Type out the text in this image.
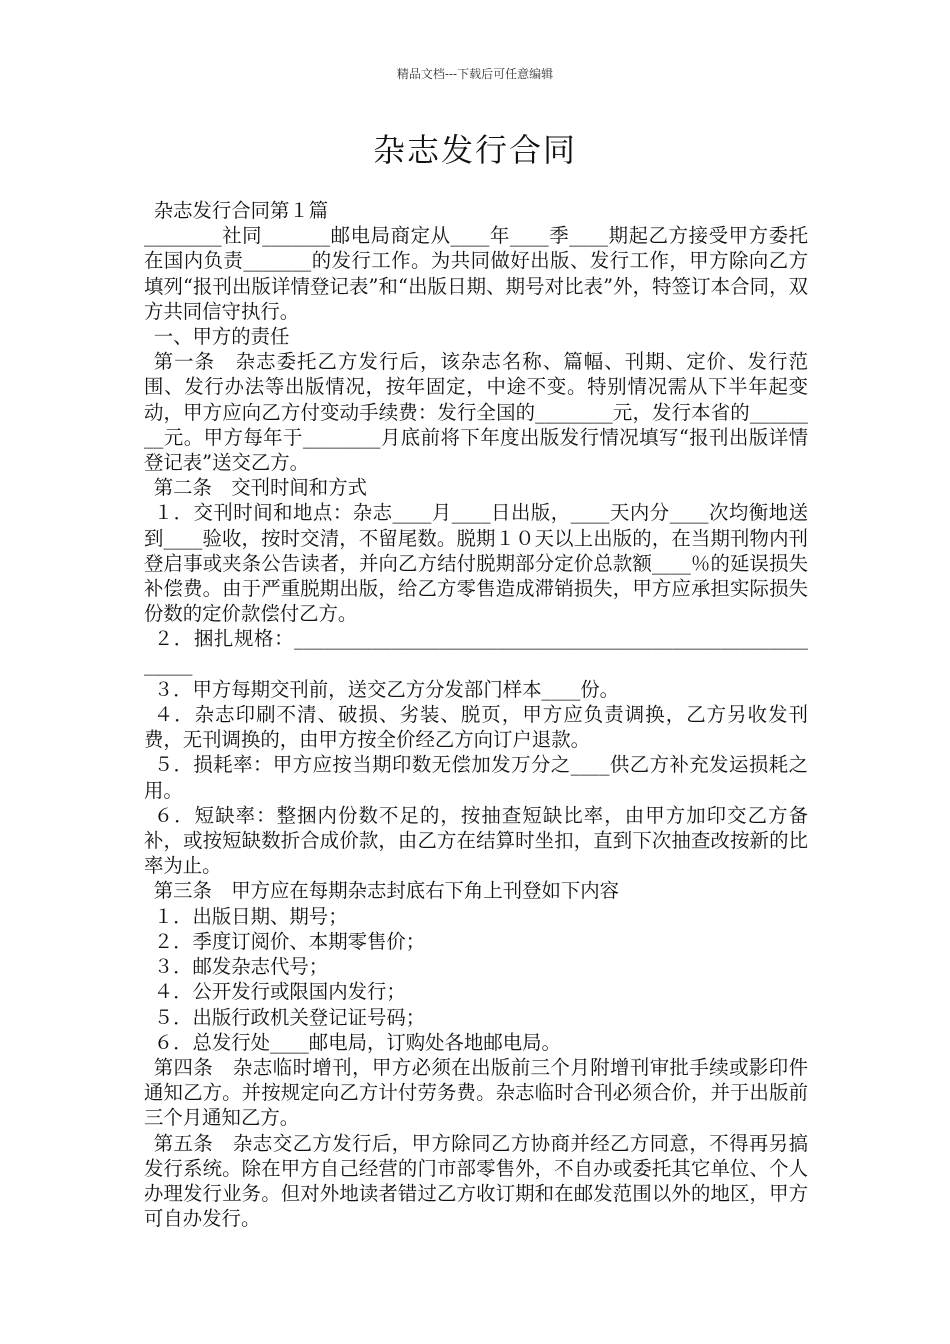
精品文档---下载后可任意编辑
杂志发行合同

杂志发行合同第１篇

________社同_______邮电局商定从____年____季____期起乙方接受甲方委托在国内负责_______的发行工作。为共同做好出版、发行工作，甲方除向乙方填列“报刊出版详情登记表”和“出版日期、期号对比表”外，特签订本合同，双方共同信守执行。

一、甲方的责任

第一条　杂志委托乙方发行后，该杂志名称、篇幅、刊期、定价、发行范围、发行办法等出版情况，按年固定，中途不变。特别情况需从下半年起变动，甲方应向乙方付变动手续费：发行全国的________元，发行本省的________元。甲方每年于________月底前将下年度出版发行情况填写“报刊出版详情登记表”送交乙方。

第二条　交刊时间和方式

１．交刊时间和地点：杂志____月____日出版，____天内分____次均衡地送到____验收，按时交清，不留尾数。脱期１０天以上出版的，在当期刊物内刊登启事或夹条公告读者，并向乙方结付脱期部分定价总款额____％的延误损失补偿费。由于严重脱期出版，给乙方零售造成滞销损失，甲方应承担实际损失份数的定价款偿付乙方。

２．捆扎规格：__________________________________________________________

３．甲方每期交刊前，送交乙方分发部门样本____份。

４．杂志印刷不清、破损、劣装、脱页，甲方应负责调换，乙方另收发刊费，无刊调换的，由甲方按全价经乙方向订户退款。

５．损耗率：甲方应按当期印数无偿加发万分之____供乙方补充发运损耗之用。

６．短缺率：整捆内份数不足的，按抽查短缺比率，由甲方加印交乙方备补，或按短缺数折合成价款，由乙方在结算时坐扣，直到下次抽查改按新的比率为止。

第三条　甲方应在每期杂志封底右下角上刊登如下内容

１．出版日期、期号；

２．季度订阅价、本期零售价；

３．邮发杂志代号；

４．公开发行或限国内发行；

５．出版行政机关登记证号码；

６．总发行处____邮电局，订购处各地邮电局。

第四条　杂志临时增刊，甲方必须在出版前三个月附增刊审批手续或影印件通知乙方。并按规定向乙方计付劳务费。杂志临时合刊必须合价，并于出版前三个月通知乙方。

第五条　杂志交乙方发行后，甲方除同乙方协商并经乙方同意，不得再另搞发行系统。除在甲方自己经营的门市部零售外，不自办或委托其它单位、个人办理发行业务。但对外地读者错过乙方收订期和在邮发范围以外的地区，甲方可自办发行。
